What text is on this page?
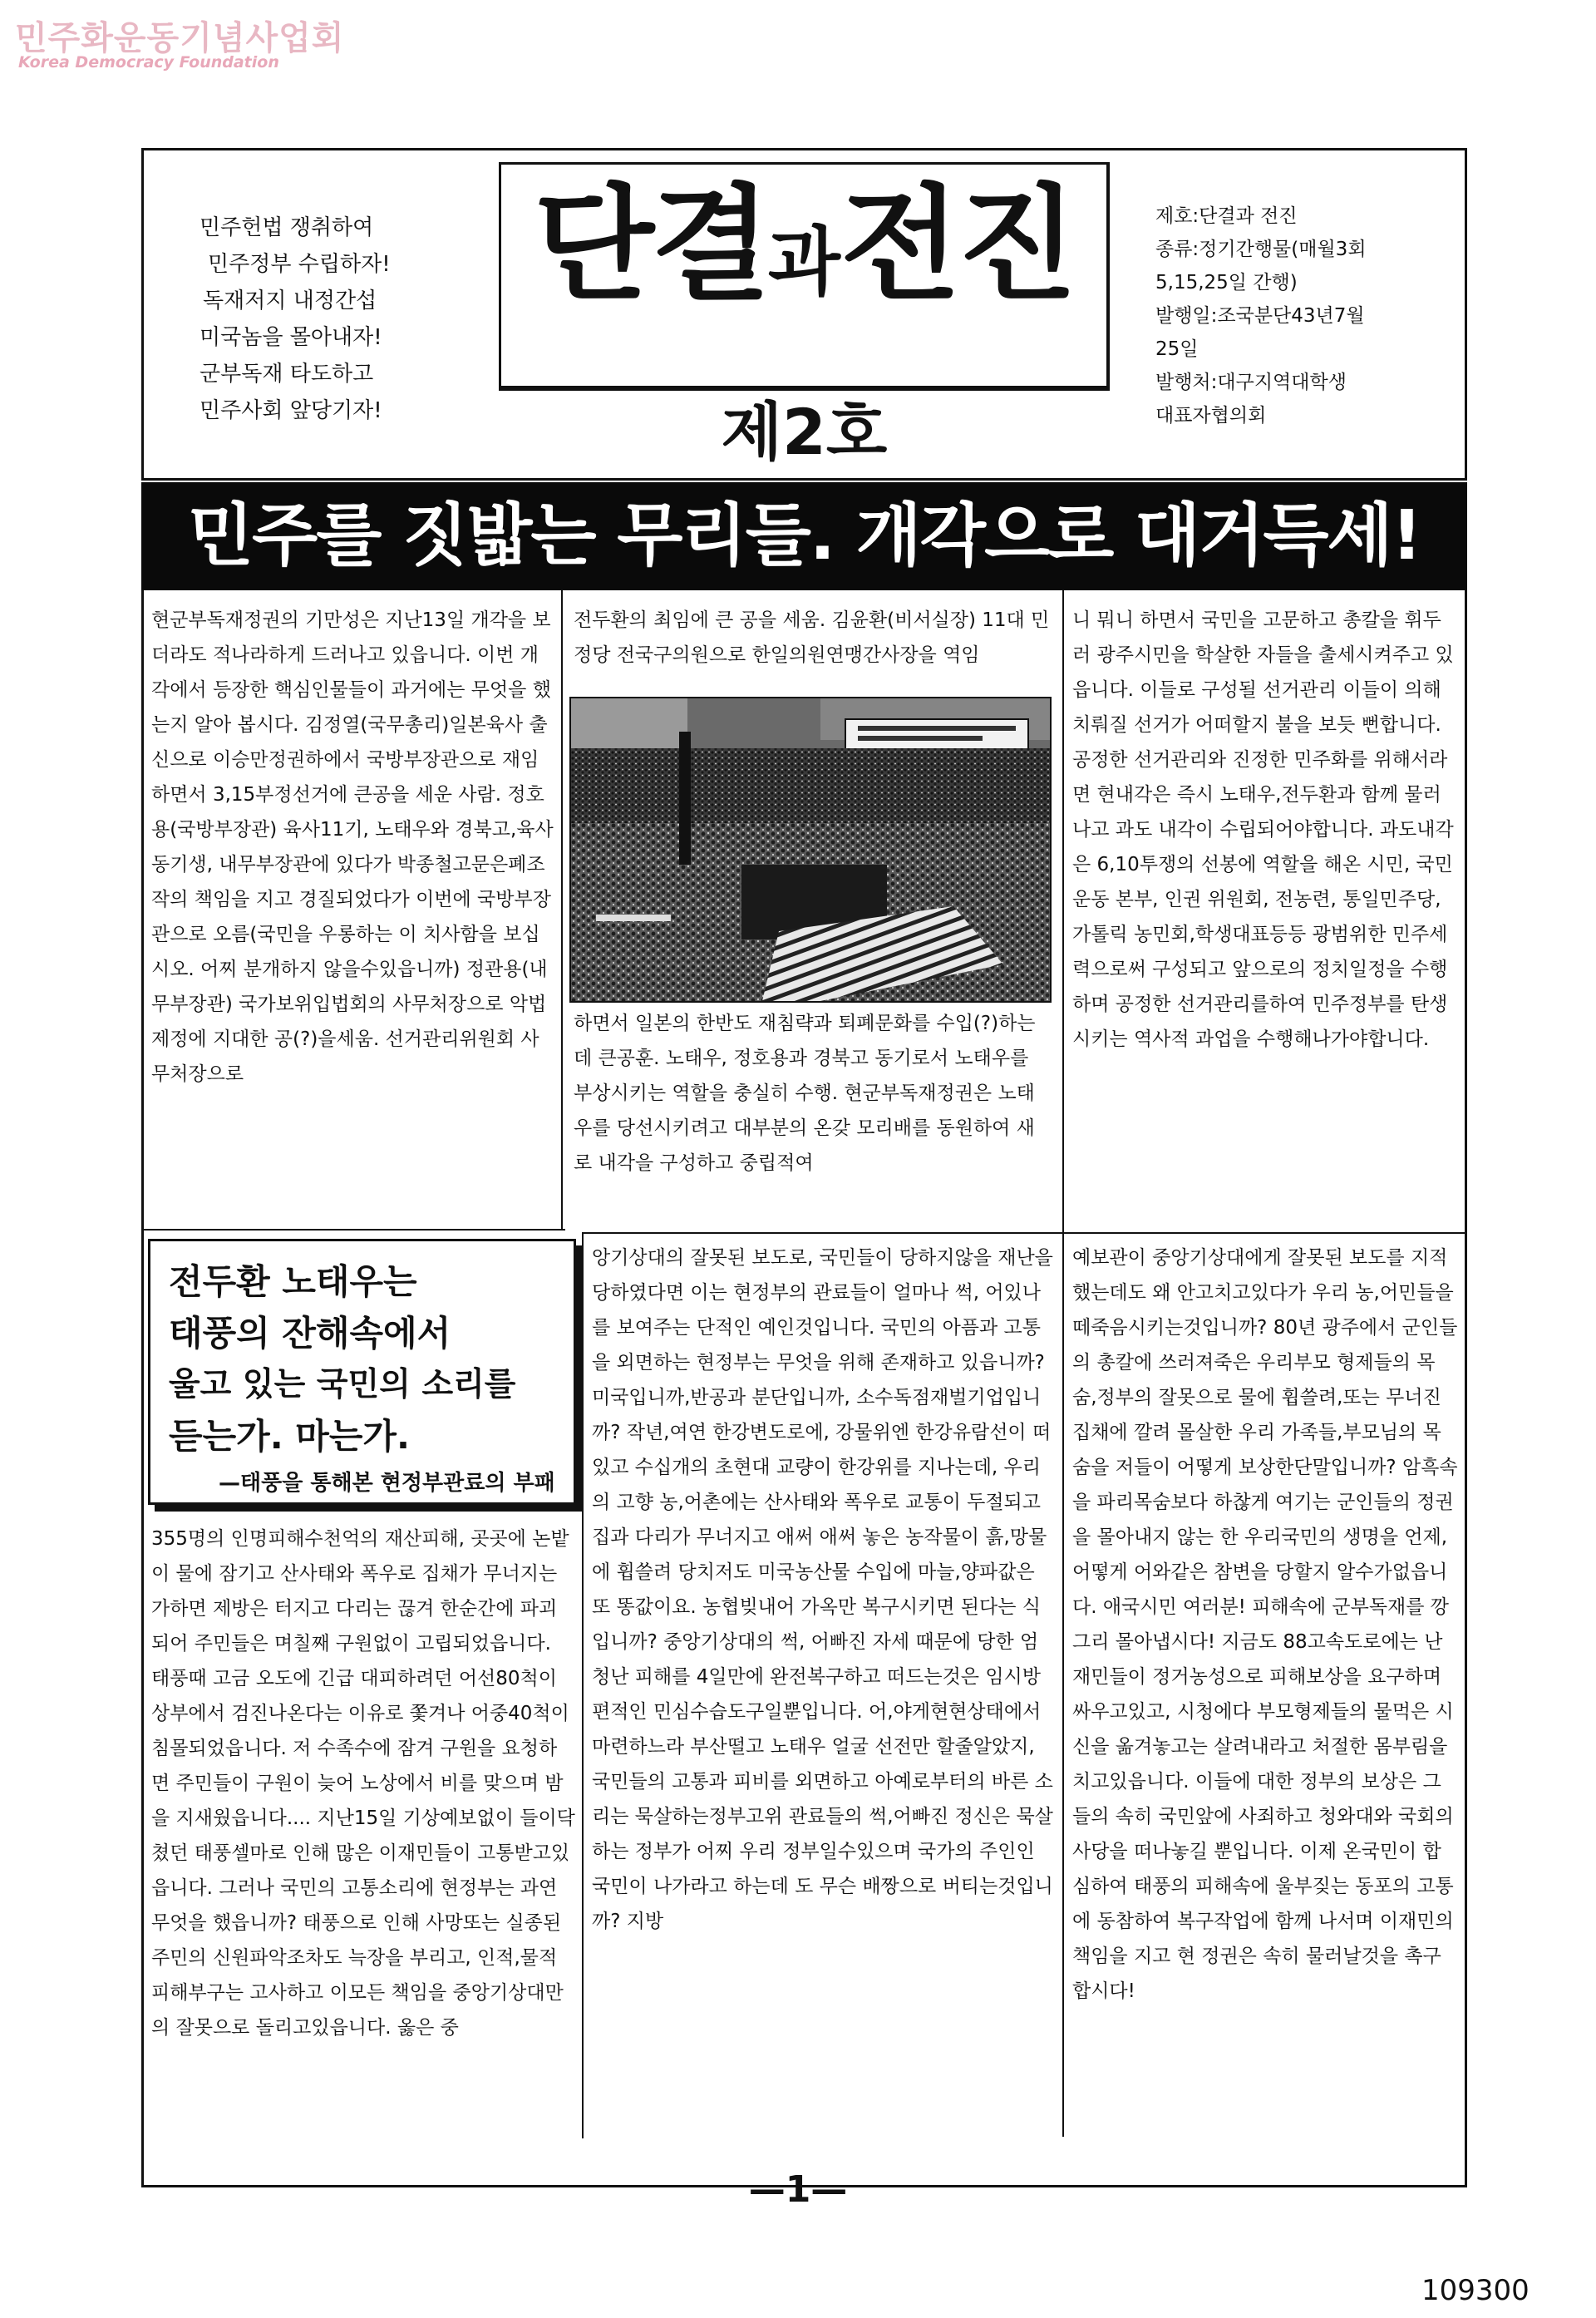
민주화운동기념사업회
Korea Democracy Foundation
민주헌법 쟁취하여
민주정부 수립하자!
독재저지 내정간섭
미국놈을 몰아내자!
군부독재 타도하고
민주사회 앞당기자!
단결과전진
제2호
제호:단결과 전진
종류:정기간행물(매월3회
5,15,25일 간행)
발행일:조국분단43년7월
25일
발행처:대구지역대학생
대표자협의회
민주를 짓밟는 무리들. 개각으로 대거득세!
현군부독재정권의 기만성은 지난13일 개각을 보더라도 적나라하게 드러나고 있읍니다. 이번 개각에서 등장한 핵심인물들이 과거에는 무엇을 했는지 알아 봅시다. 김정열(국무총리)일본육사 출신으로 이승만정권하에서 국방부장관으로 재임하면서 3,15부정선거에 큰공을 세운 사람. 정호용(국방부장관) 육사11기, 노태우와 경북고,육사동기생, 내무부장관에 있다가 박종철고문은폐조작의 책임을 지고 경질되었다가 이번에 국방부장관으로 오름(국민을 우롱하는 이 치사함을 보십시오. 어찌 분개하지 않을수있읍니까) 정관용(내무부장관) 국가보위입법회의 사무처장으로 악법제정에 지대한 공(?)을세움. 선거관리위원회 사무처장으로
전두환의 최임에 큰 공을 세움. 김윤환(비서실장) 11대 민정당 전국구의원으로 한일의원연맹간사장을 역임
하면서 일본의 한반도 재침략과 퇴폐문화를 수입(?)하는데 큰공훈. 노태우, 정호용과 경북고 동기로서 노태우를 부상시키는 역할을 충실히 수행. 현군부독재정권은 노태우를 당선시키려고 대부분의 온갖 모리배를 동원하여 새로 내각을 구성하고 중립적여
니 뭐니 하면서 국민을 고문하고 총칼을 휘두러 광주시민을 학살한 자들을 출세시켜주고 있읍니다. 이들로 구성될 선거관리 이들이 의해 치뤄질 선거가 어떠할지 불을 보듯 뻔합니다. 공정한 선거관리와 진정한 민주화를 위해서라면 현내각은 즉시 노태우,전두환과 함께 물러나고 과도 내각이 수립되어야합니다. 과도내각은 6,10투쟁의 선봉에 역할을 해온 시민, 국민운동 본부, 인권 위원회, 전농련, 통일민주당, 가톨릭 농민회,학생대표등등 광범위한 민주세력으로써 구성되고 앞으로의 정치일정을 수행하며 공정한 선거관리를하여 민주정부를 탄생시키는 역사적 과업을 수행해나가야합니다.
전두환 노태우는
태풍의 잔해속에서
울고 있는 국민의 소리를
듣는가. 마는가.
—태풍을 통해본 현정부관료의 부패
355명의 인명피해수천억의 재산피해, 곳곳에 논밭이 물에 잠기고 산사태와 폭우로 집채가 무너지는가하면 제방은 터지고 다리는 끊겨 한순간에 파괴되어 주민들은 며칠째 구원없이 고립되었읍니다. 태풍때 고금 오도에 긴급 대피하려던 어선80척이 상부에서 검진나온다는 이유로 쫓겨나 어중40척이 침몰되었읍니다. 저 수족수에 잠겨 구원을 요청하면 주민들이 구원이 늦어 노상에서 비를 맞으며 밤을 지새웠읍니다.... 지난15일 기상예보없이 들이닥쳤던 태풍셀마로 인해 많은 이재민들이 고통받고있읍니다. 그러나 국민의 고통소리에 현정부는 과연 무엇을 했읍니까? 태풍으로 인해 사망또는 실종된 주민의 신원파악조차도 늑장을 부리고, 인적,물적 피해부구는 고사하고 이모든 책임을 중앙기상대만의 잘못으로 돌리고있읍니다. 옳은 중
앙기상대의 잘못된 보도로, 국민들이 당하지않을 재난을 당하였다면 이는 현정부의 관료들이 얼마나 썩, 어있나를 보여주는 단적인 예인것입니다. 국민의 아픔과 고통을 외면하는 현정부는 무엇을 위해 존재하고 있읍니까? 미국입니까,반공과 분단입니까, 소수독점재벌기업입니까? 작년,여연 한강변도로에, 강물위엔 한강유람선이 떠있고 수십개의 초현대 교량이 한강위를 지나는데, 우리의 고향 농,어촌에는 산사태와 폭우로 교통이 두절되고 집과 다리가 무너지고 애써 애써 놓은 농작물이 흙,망물에 휩쓸려 당치저도 미국농산물 수입에 마늘,양파값은 또 똥값이요. 농협빚내어 가옥만 복구시키면 된다는 식입니까? 중앙기상대의 썩, 어빠진 자세 때문에 당한 엄청난 피해를 4일만에 완전복구하고 떠드는것은 임시방편적인 민심수습도구일뿐입니다. 어,야게현현상태에서 마련하느라 부산떨고 노태우 얼굴 선전만 할줄알았지, 국민들의 고통과 피비를 외면하고 아예로부터의 바른 소리는 묵살하는정부고위 관료들의 썩,어빠진 정신은 묵살하는 정부가 어찌 우리 정부일수있으며 국가의 주인인 국민이 나가라고 하는데 도 무슨 배짱으로 버티는것입니까? 지방
예보관이 중앙기상대에게 잘못된 보도를 지적했는데도 왜 안고치고있다가 우리 농,어민들을 떼죽음시키는것입니까? 80년 광주에서 군인들의 총칼에 쓰러져죽은 우리부모 형제들의 목숨,정부의 잘못으로 물에 휩쓸려,또는 무너진 집채에 깔려 몰살한 우리 가족들,부모님의 목숨을 저들이 어떻게 보상한단말입니까? 암흑속을 파리목숨보다 하찮게 여기는 군인들의 정권을 몰아내지 않는 한 우리국민의 생명을 언제,어떻게 어와같은 참변을 당할지 알수가없읍니다. 애국시민 여러분! 피해속에 군부독재를 깡그리 몰아냅시다! 지금도 88고속도로에는 난재민들이 정거농성으로 피해보상을 요구하며 싸우고있고, 시청에다 부모형제들의 물먹은 시신을 옮겨놓고는 살려내라고 처절한 몸부림을 치고있읍니다. 이들에 대한 정부의 보상은 그들의 속히 국민앞에 사죄하고 청와대와 국회의사당을 떠나놓길 뿐입니다. 이제 온국민이 합심하여 태풍의 피해속에 울부짖는 동포의 고통에 동참하여 복구작업에 함께 나서며 이재민의 책임을 지고 현 정권은 속히 물러날것을 촉구합시다!
—1—
109300
